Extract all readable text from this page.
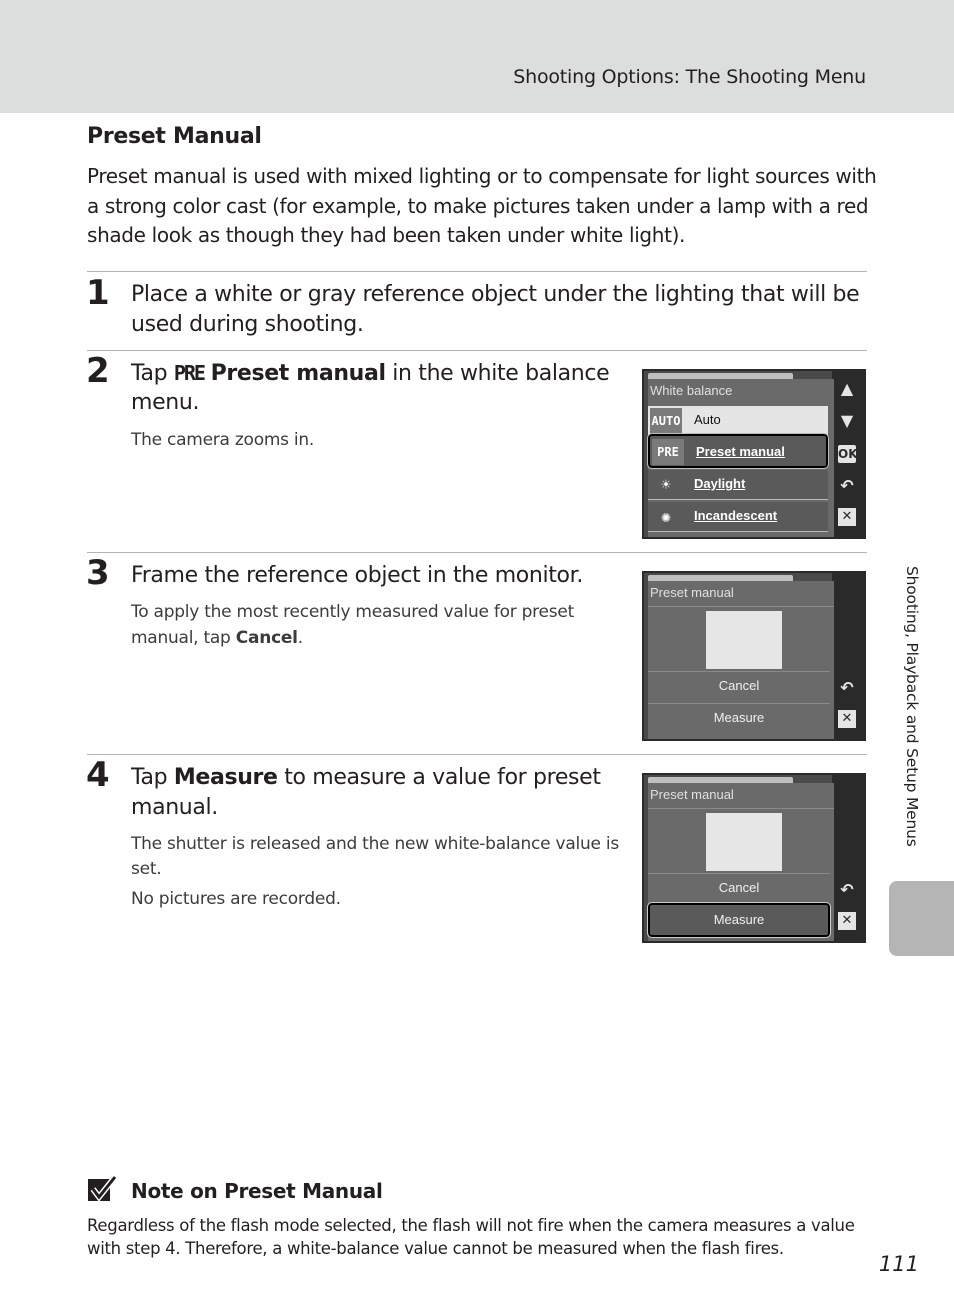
Shooting Options: The Shooting Menu
Preset Manual
Preset manual is used with mixed lighting or to compensate for light sources with a strong color cast (for example, to make pictures taken under a lamp with a red shade look as though they had been taken under white light).
1 Place a white or gray reference object under the lighting that will be
used during shooting.
2 Tap PRE Preset manual in the white balance
menu.
The camera zooms in.
White balance
AUTO Auto
PRE	Preset manual
☀	Daylight
✺	Incandescent
▲
▼
OK
↶
✕
3 Frame the reference object in the monitor.
To apply the most recently measured value for preset
manual, tap Cancel.
Preset manual
Cancel
Measure
↶
✕
4 Tap Measure to measure a value for preset
manual.
The shutter is released and the new white-balance value is
set.
No pictures are recorded.
Preset manual
Cancel
Measure
↶
✕
Shooting, Playback and Setup Menus
Note on Preset Manual
Regardless of the flash mode selected, the flash will not fire when the camera measures a value with step 4. Therefore, a white-balance value cannot be measured when the flash fires.
111
